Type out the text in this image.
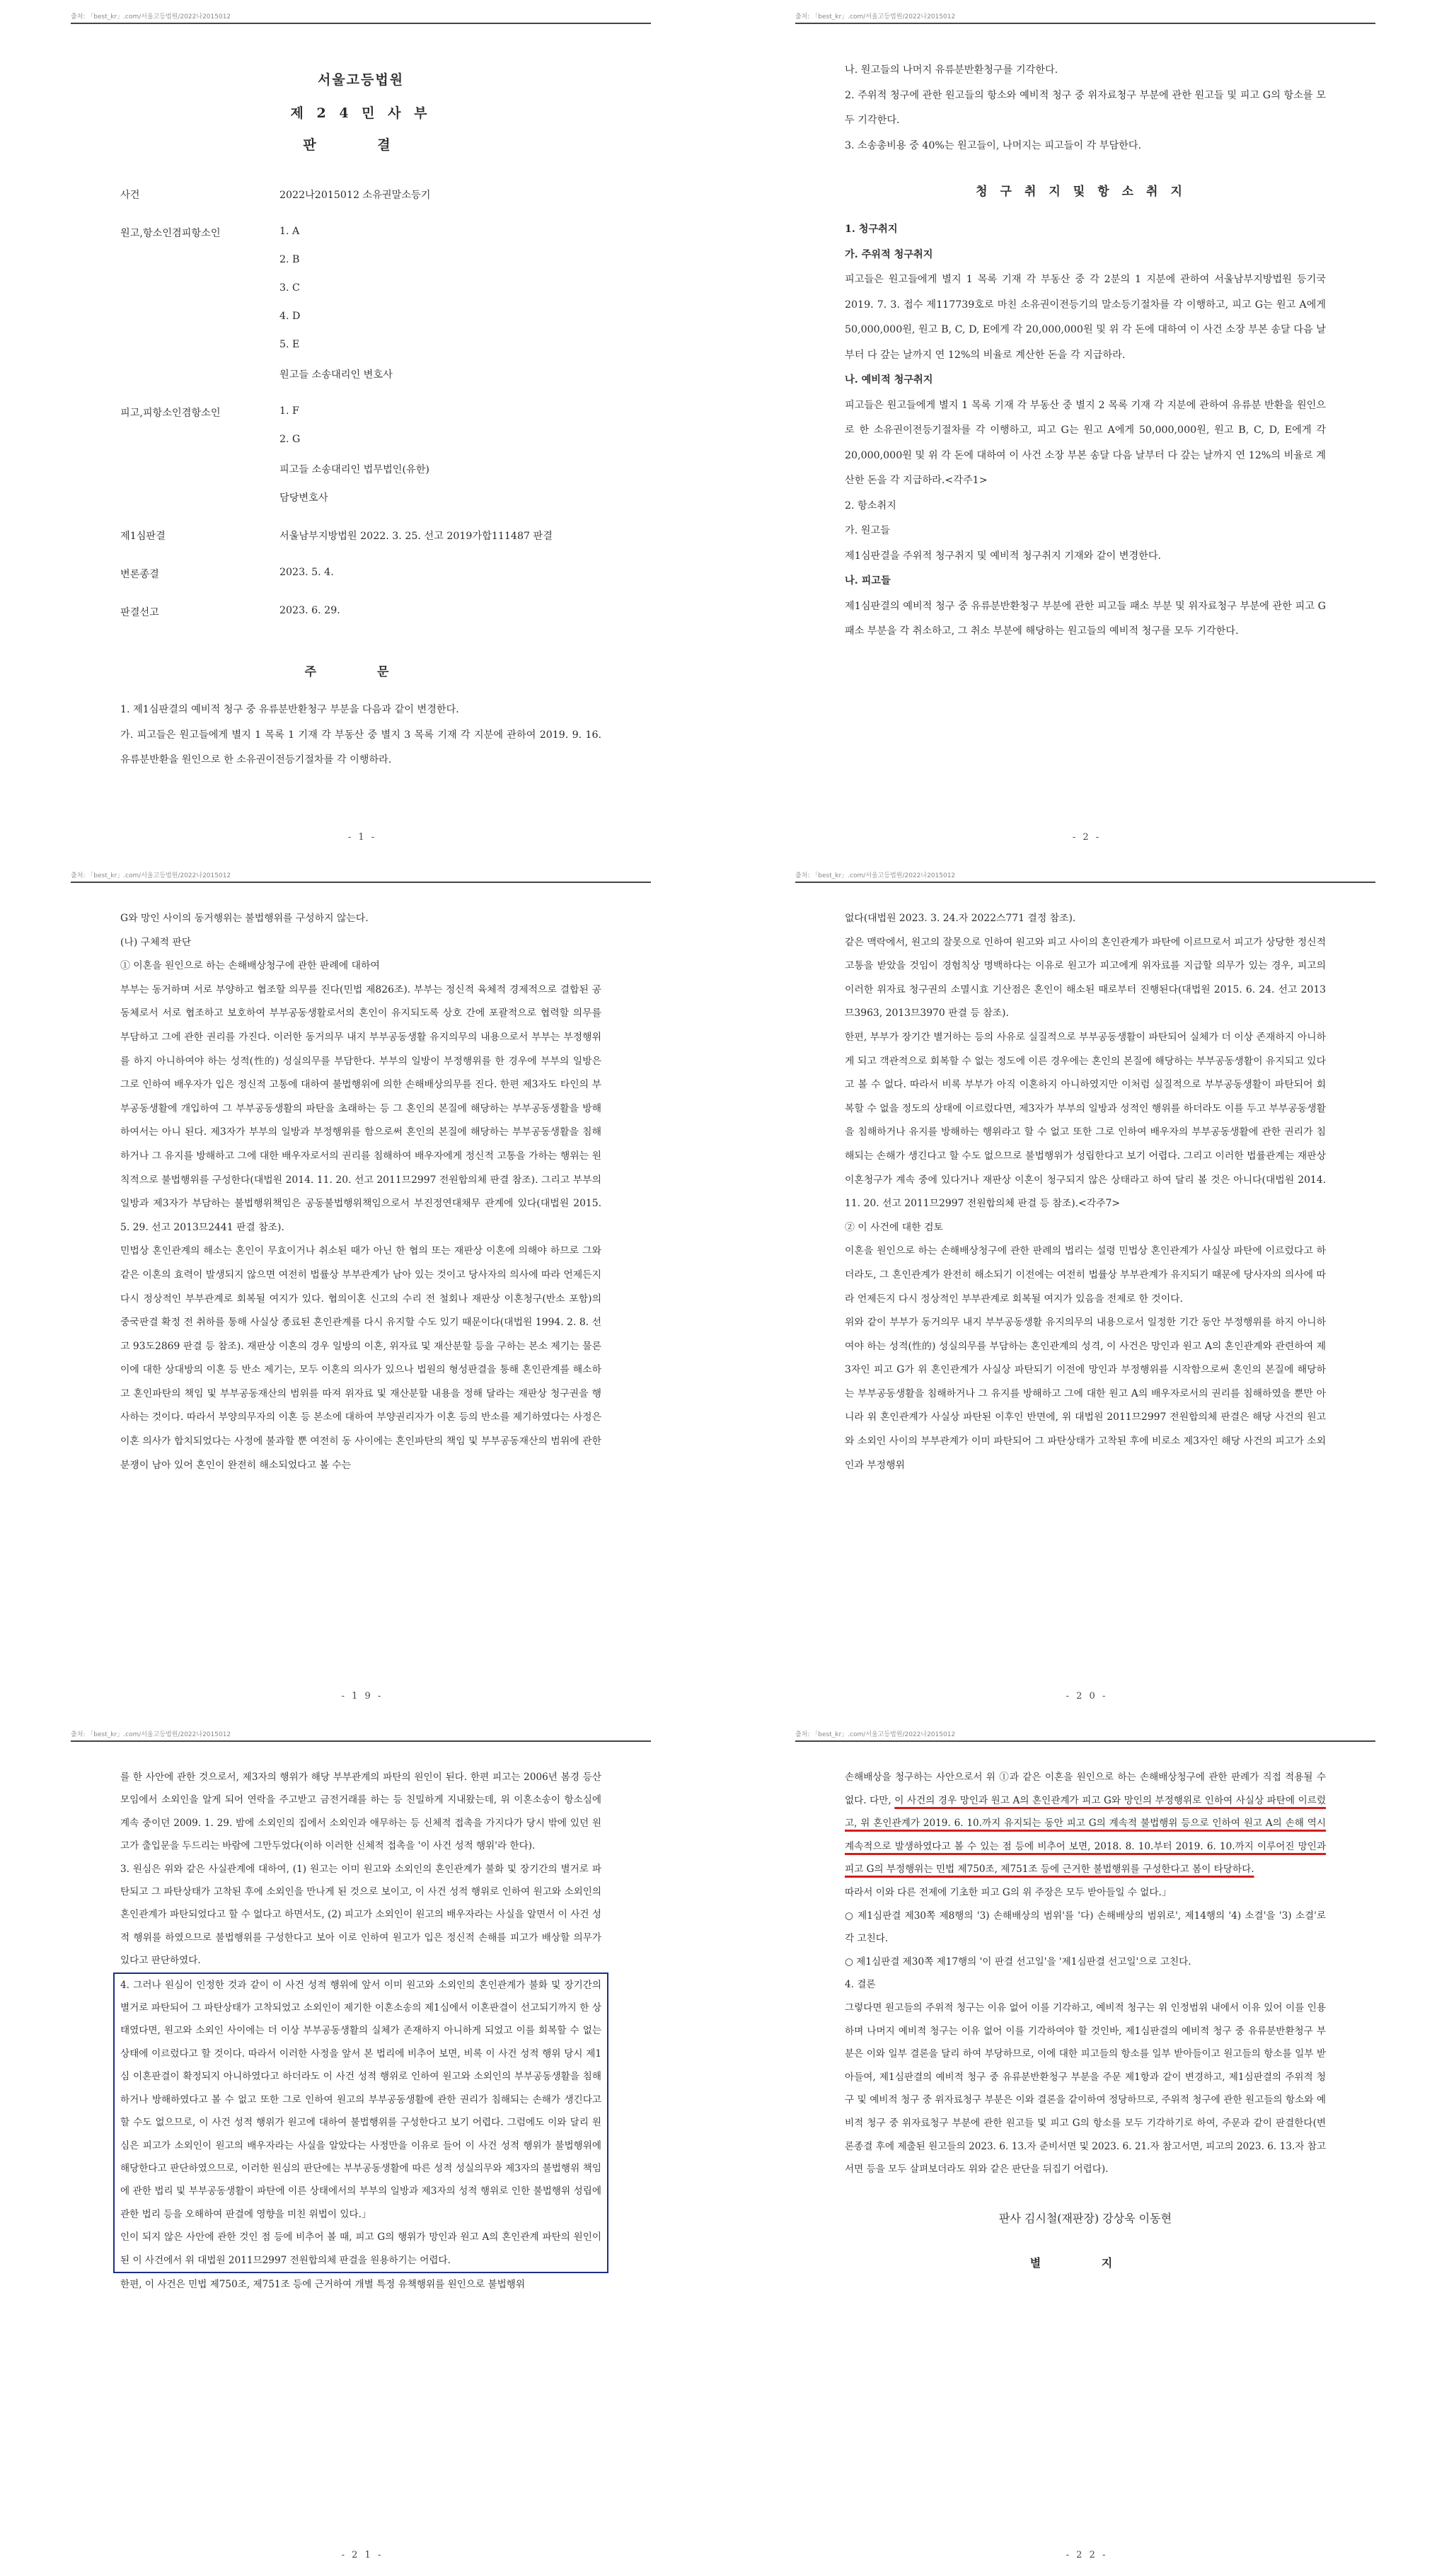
출처: 「best_kr」.com/서울고등법원/2022나2015012
서울고등법원
제 2 4 민 사 부
판 결
사건	2022나2015012 소유권말소등기
원고,항소인겸피항소인	1. A
2. B
3. C
4. D
5. E
원고들 소송대리인 변호사
피고,피항소인겸항소인	1. F
2. G
피고들 소송대리인 법무법인(유한)
담당변호사
제1심판결	서울남부지방법원 2022. 3. 25. 선고 2019가합111487 판결
변론종결	2023. 5. 4.
판결선고	2023. 6. 29.
주 문

1. 제1심판결의 예비적 청구 중 유류분반환청구 부분을 다음과 같이 변경한다.

가. 피고들은 원고들에게 별지 1 목록 1 기재 각 부동산 중 별지 3 목록 기재 각 지분에 관하여 2019. 9. 16. 유류분반환을 원인으로 한 소유권이전등기절차를 각 이행하라.

- 1 -
출처: 「best_kr」.com/서울고등법원/2022나2015012

나. 원고들의 나머지 유류분반환청구를 기각한다.

2. 주위적 청구에 관한 원고들의 항소와 예비적 청구 중 위자료청구 부분에 관한 원고들 및 피고 G의 항소를 모두 기각한다.

3. 소송총비용 중 40%는 원고들이, 나머지는 피고들이 각 부담한다.

청구취지및항소취지

1. 청구취지

가. 주위적 청구취지

피고들은 원고들에게 별지 1 목록 기재 각 부동산 중 각 2분의 1 지분에 관하여 서울남부지방법원 등기국 2019. 7. 3. 접수 제117739호로 마친 소유권이전등기의 말소등기절차를 각 이행하고, 피고 G는 원고 A에게 50,000,000원, 원고 B, C, D, E에게 각 20,000,000원 및 위 각 돈에 대하여 이 사건 소장 부본 송달 다음 날부터 다 갚는 날까지 연 12%의 비율로 계산한 돈을 각 지급하라.

나. 예비적 청구취지

피고들은 원고들에게 별지 1 목록 기재 각 부동산 중 별지 2 목록 기재 각 지분에 관하여 유류분 반환을 원인으로 한 소유권이전등기절차를 각 이행하고, 피고 G는 원고 A에게 50,000,000원, 원고 B, C, D, E에게 각 20,000,000원 및 위 각 돈에 대하여 이 사건 소장 부본 송달 다음 날부터 다 갚는 날까지 연 12%의 비율로 계산한 돈을 각 지급하라.<각주1>

2. 항소취지

가. 원고들

제1심판결을 주위적 청구취지 및 예비적 청구취지 기재와 같이 변경한다.

나. 피고들

제1심판결의 예비적 청구 중 유류분반환청구 부분에 관한 피고들 패소 부분 및 위자료청구 부분에 관한 피고 G 패소 부분을 각 취소하고, 그 취소 부분에 해당하는 원고들의 예비적 청구를 모두 기각한다.

- 2 -
출처: 「best_kr」.com/서울고등법원/2022나2015012

G와 망인 사이의 동거행위는 불법행위를 구성하지 않는다.

(나) 구체적 판단

① 이혼을 원인으로 하는 손해배상청구에 관한 판례에 대하여

부부는 동거하며 서로 부양하고 협조할 의무를 진다(민법 제826조). 부부는 정신적 육체적 경제적으로 결합된 공동체로서 서로 협조하고 보호하여 부부공동생활로서의 혼인이 유지되도록 상호 간에 포괄적으로 협력할 의무를 부담하고 그에 관한 권리를 가진다. 이러한 동거의무 내지 부부공동생활 유지의무의 내용으로서 부부는 부정행위를 하지 아니하여야 하는 성적(性的) 성실의무를 부담한다. 부부의 일방이 부정행위를 한 경우에 부부의 일방은 그로 인하여 배우자가 입은 정신적 고통에 대하여 불법행위에 의한 손해배상의무를 진다. 한편 제3자도 타인의 부부공동생활에 개입하여 그 부부공동생활의 파탄을 초래하는 등 그 혼인의 본질에 해당하는 부부공동생활을 방해하여서는 아니 된다. 제3자가 부부의 일방과 부정행위를 함으로써 혼인의 본질에 해당하는 부부공동생활을 침해하거나 그 유지를 방해하고 그에 대한 배우자로서의 권리를 침해하여 배우자에게 정신적 고통을 가하는 행위는 원칙적으로 불법행위를 구성한다(대법원 2014. 11. 20. 선고 2011므2997 전원합의체 판결 참조). 그리고 부부의 일방과 제3자가 부담하는 불법행위책임은 공동불법행위책임으로서 부진정연대채무 관계에 있다(대법원 2015. 5. 29. 선고 2013므2441 판결 참조).

민법상 혼인관계의 해소는 혼인이 무효이거나 취소된 때가 아닌 한 협의 또는 재판상 이혼에 의해야 하므로 그와 같은 이혼의 효력이 발생되지 않으면 여전히 법률상 부부관계가 남아 있는 것이고 당사자의 의사에 따라 언제든지 다시 정상적인 부부관계로 회복될 여지가 있다. 협의이혼 신고의 수리 전 철회나 재판상 이혼청구(반소 포함)의 중국판결 확정 전 취하를 통해 사실상 종료된 혼인관계를 다시 유지할 수도 있기 때문이다(대법원 1994. 2. 8. 선고 93도2869 판결 등 참조). 재판상 이혼의 경우 일방의 이혼, 위자료 및 재산분할 등을 구하는 본소 제기는 물론 이에 대한 상대방의 이혼 등 반소 제기는, 모두 이혼의 의사가 있으나 법원의 형성판결을 통해 혼인관계를 해소하고 혼인파탄의 책임 및 부부공동재산의 범위를 따져 위자료 및 재산분할 내용을 정해 달라는 재판상 청구권을 행사하는 것이다. 따라서 부양의무자의 이혼 등 본소에 대하여 부양권리자가 이혼 등의 반소를 제기하였다는 사정은 이혼 의사가 합치되었다는 사정에 불과할 뿐 여전히 동 사이에는 혼인파탄의 책임 및 부부공동재산의 범위에 관한 분쟁이 남아 있어 혼인이 완전히 해소되었다고 볼 수는

- 1 9 -
출처: 「best_kr」.com/서울고등법원/2022나2015012

없다(대법원 2023. 3. 24.자 2022스771 결정 참조).

같은 맥락에서, 원고의 잘못으로 인하여 원고와 피고 사이의 혼인관계가 파탄에 이르므로서 피고가 상당한 정신적 고통을 받았을 것임이 경험칙상 명백하다는 이유로 원고가 피고에게 위자료를 지급할 의무가 있는 경우, 피고의 이러한 위자료 청구권의 소멸시효 기산점은 혼인이 해소된 때로부터 진행된다(대법원 2015. 6. 24. 선고 2013므3963, 2013므3970 판결 등 참조).

한편, 부부가 장기간 별거하는 등의 사유로 실질적으로 부부공동생활이 파탄되어 실체가 더 이상 존재하지 아니하게 되고 객관적으로 회복할 수 없는 정도에 이른 경우에는 혼인의 본질에 해당하는 부부공동생활이 유지되고 있다고 볼 수 없다. 따라서 비록 부부가 아직 이혼하지 아니하였지만 이처럼 실질적으로 부부공동생활이 파탄되어 회복할 수 없을 정도의 상태에 이르렀다면, 제3자가 부부의 일방과 성적인 행위를 하더라도 이를 두고 부부공동생활을 침해하거나 유지를 방해하는 행위라고 할 수 없고 또한 그로 인하여 배우자의 부부공동생활에 관한 권리가 침해되는 손해가 생긴다고 할 수도 없으므로 불법행위가 성립한다고 보기 어렵다. 그리고 이러한 법률관계는 재판상 이혼청구가 계속 중에 있다거나 재판상 이혼이 청구되지 않은 상태라고 하여 달리 볼 것은 아니다(대법원 2014. 11. 20. 선고 2011므2997 전원합의체 판결 등 참조).<각주7>

② 이 사건에 대한 검토

이혼을 원인으로 하는 손해배상청구에 관한 판례의 법리는 설령 민법상 혼인관계가 사실상 파탄에 이르렀다고 하더라도, 그 혼인관계가 완전히 해소되기 이전에는 여전히 법률상 부부관계가 유지되기 때문에 당사자의 의사에 따라 언제든지 다시 정상적인 부부관계로 회복될 여지가 있음을 전제로 한 것이다.

위와 같이 부부가 동거의무 내지 부부공동생활 유지의무의 내용으로서 일정한 기간 동안 부정행위를 하지 아니하여야 하는 성적(性的) 성실의무를 부담하는 혼인관계의 성격, 이 사건은 망인과 원고 A의 혼인관계와 관련하여 제3자인 피고 G가 위 혼인관계가 사실상 파탄되기 이전에 망인과 부정행위를 시작함으로써 혼인의 본질에 해당하는 부부공동생활을 침해하거나 그 유지를 방해하고 그에 대한 원고 A의 배우자로서의 권리를 침해하였을 뿐만 아니라 위 혼인관계가 사실상 파탄된 이후인 반면에, 위 대법원 2011므2997 전원합의체 판결은 해당 사건의 원고와 소외인 사이의 부부관계가 이미 파탄되어 그 파탄상태가 고착된 후에 비로소 제3자인 해당 사건의 피고가 소외인과 부정행위

- 2 0 -
출처: 「best_kr」.com/서울고등법원/2022나2015012

를 한 사안에 관한 것으로서, 제3자의 행위가 해당 부부관계의 파탄의 원인이 된다. 한편 피고는 2006년 봄경 등산모임에서 소외인을 알게 되어 연락을 주고받고 금전거래를 하는 등 친밀하게 지내왔는데, 위 이혼소송이 항소심에 계속 중이던 2009. 1. 29. 밤에 소외인의 집에서 소외인과 애무하는 등 신체적 접촉을 가지다가 당시 밖에 있던 원고가 출입문을 두드리는 바람에 그만두었다(이하 이러한 신체적 접촉을 '이 사건 성적 행위'라 한다).

3. 원심은 위와 같은 사실관계에 대하여, (1) 원고는 이미 원고와 소외인의 혼인관계가 불화 및 장기간의 별거로 파탄되고 그 파탄상태가 고착된 후에 소외인을 만나게 된 것으로 보이고, 이 사건 성적 행위로 인하여 원고와 소외인의 혼인관계가 파탄되었다고 할 수 없다고 하면서도, (2) 피고가 소외인이 원고의 배우자라는 사실을 알면서 이 사건 성적 행위를 하였으므로 불법행위를 구성한다고 보아 이로 인하여 원고가 입은 정신적 손해를 피고가 배상할 의무가 있다고 판단하였다.

4. 그러나 원심이 인정한 것과 같이 이 사건 성적 행위에 앞서 이미 원고와 소외인의 혼인관계가 불화 및 장기간의 별거로 파탄되어 그 파탄상태가 고착되었고 소외인이 제기한 이혼소송의 제1심에서 이혼판결이 선고되기까지 한 상태였다면, 원고와 소외인 사이에는 더 이상 부부공동생활의 실체가 존재하지 아니하게 되었고 이를 회복할 수 없는 상태에 이르렀다고 할 것이다. 따라서 이러한 사정을 앞서 본 법리에 비추어 보면, 비록 이 사건 성적 행위 당시 제1심 이혼판결이 확정되지 아니하였다고 하더라도 이 사건 성적 행위로 인하여 원고와 소외인의 부부공동생활을 침해하거나 방해하였다고 볼 수 없고 또한 그로 인하여 원고의 부부공동생활에 관한 권리가 침해되는 손해가 생긴다고 할 수도 없으므로, 이 사건 성적 행위가 원고에 대하여 불법행위를 구성한다고 보기 어렵다. 그럼에도 이와 달리 원심은 피고가 소외인이 원고의 배우자라는 사실을 알았다는 사정만을 이유로 들어 이 사건 성적 행위가 불법행위에 해당한다고 판단하였으므로, 이러한 원심의 판단에는 부부공동생활에 따른 성적 성실의무와 제3자의 불법행위 책임에 관한 법리 및 부부공동생활이 파탄에 이른 상태에서의 부부의 일방과 제3자의 성적 행위로 인한 불법행위 성립에 관한 법리 등을 오해하여 판결에 영향을 미친 위법이 있다.」

인이 되지 않은 사안에 관한 것인 점 등에 비추어 볼 때, 피고 G의 행위가 망인과 원고 A의 혼인관계 파탄의 원인이 된 이 사건에서 위 대법원 2011므2997 전원합의체 판결을 원용하기는 어렵다.

한편, 이 사건은 민법 제750조, 제751조 등에 근거하여 개별 특정 유책행위를 원인으로 불법행위

- 2 1 -
출처: 「best_kr」.com/서울고등법원/2022나2015012

손해배상을 청구하는 사안으로서 위 ①과 같은 이혼을 원인으로 하는 손해배상청구에 관한 판례가 직접 적용될 수 없다. 다만, 이 사건의 경우 망인과 원고 A의 혼인관계가 피고 G와 망인의 부정행위로 인하여 사실상 파탄에 이르렀고, 위 혼인관계가 2019. 6. 10.까지 유지되는 동안 피고 G의 계속적 불법행위 등으로 인하여 원고 A의 손해 역시 계속적으로 발생하였다고 볼 수 있는 점 등에 비추어 보면, 2018. 8. 10.부터 2019. 6. 10.까지 이루어진 망인과 피고 G의 부정행위는 민법 제750조, 제751조 등에 근거한 불법행위를 구성한다고 봄이 타당하다.

따라서 이와 다른 전제에 기초한 피고 G의 위 주장은 모두 받아들일 수 없다.」

○ 제1심판결 제30쪽 제8행의 '3) 손해배상의 범위'를 '다) 손해배상의 범위로', 제14행의 '4) 소결'을 '3) 소결'로 각 고친다.

○ 제1심판결 제30쪽 제17행의 '이 판결 선고일'을 '제1심판결 선고일'으로 고친다.

4. 결론

그렇다면 원고들의 주위적 청구는 이유 없어 이를 기각하고, 예비적 청구는 위 인정범위 내에서 이유 있어 이를 인용하며 나머지 예비적 청구는 이유 없어 이를 기각하여야 할 것인바, 제1심판결의 예비적 청구 중 유류분반환청구 부분은 이와 일부 결론을 달리 하여 부당하므로, 이에 대한 피고들의 항소를 일부 받아들이고 원고들의 항소를 일부 받아들여, 제1심판결의 예비적 청구 중 유류분반환청구 부분을 주문 제1항과 같이 변경하고, 제1심판결의 주위적 청구 및 예비적 청구 중 위자료청구 부분은 이와 결론을 같이하여 정당하므로, 주위적 청구에 관한 원고들의 항소와 예비적 청구 중 위자료청구 부분에 관한 원고들 및 피고 G의 항소를 모두 기각하기로 하여, 주문과 같이 판결한다(변론종결 후에 제출된 원고들의 2023. 6. 13.자 준비서면 및 2023. 6. 21.자 참고서면, 피고의 2023. 6. 13.자 참고서면 등을 모두 살펴보더라도 위와 같은 판단을 뒤집기 어렵다).

판사 김시철(재판장) 강상욱 이동현
별 지
- 2 2 -
